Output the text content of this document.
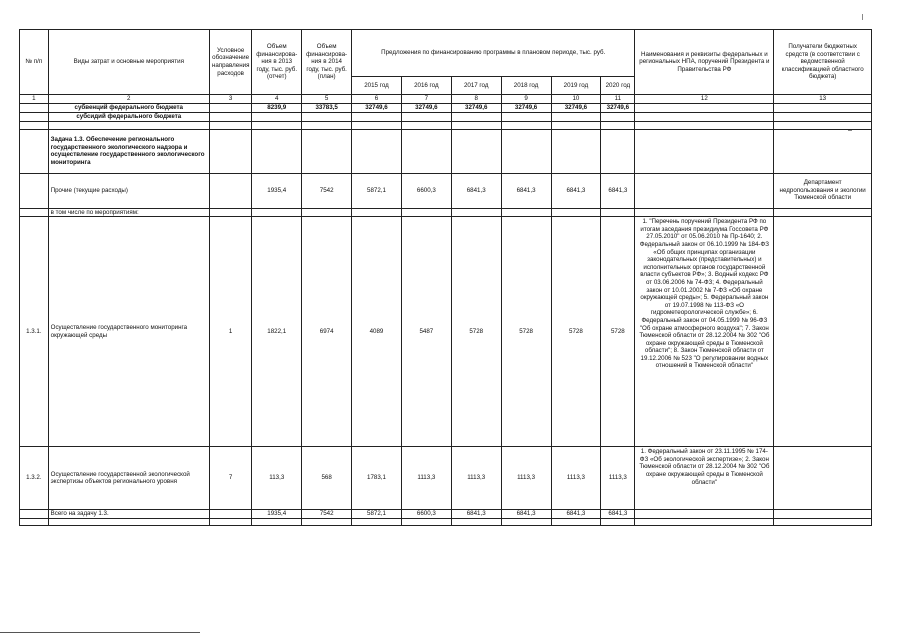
№ п/п	Виды затрат и основные мероприятия	Условное обозначение направления расходов	Объем финансирова-ния в 2013 году, тыс. руб. (отчет)	Объем финансирова-ния в 2014 году, тыс. руб. (план)	Предложения по финансированию программы в плановом периоде, тыс. руб.						Наименования и реквизиты федеральных и региональных НПА, поручений Президента и Правительства РФ	Получатели бюджетных средств (в соответствии с ведомственной классификацией областного бюджета)
					2015 год	2016 год	2017 год	2018 год	2019 год	2020 год		
1	2	3	4	5	6	7	8	9	10	11	12	13
	субвенций федерального бюджета		8239,9	33783,5	32749,6	32749,6	32749,6	32749,6	32749,6	32749,6		
	субсидий федерального бюджета											

	Задача 1.3. Обеспечение регионального государственного экологического надзора и осуществление государственного экологического мониторинга											
	Прочие (текущие расходы)		1935,4	7542	5872,1	6600,3	6841,3	6841,3	6841,3	6841,3		Департамент недропользования и экологии Тюменской области
	в том числе по мероприятиям:											
1.3.1.	Осуществление государственного мониторинга окружающей среды	1	1822,1	6974	4089	5487	5728	5728	5728	5728	1. "Перечень поручений Президента РФ по итогам заседания президиума Госсовета РФ 27.05.2010" от 05.06.2010 № Пр-1640; 2. Федеральный закон от 06.10.1999 № 184-ФЗ «Об общих принципах организации законодательных (представительных) и исполнительных органов государственной власти субъектов РФ»; 3. Водный кодекс РФ от 03.06.2006 № 74-ФЗ; 4. Федеральный закон от 10.01.2002 № 7-ФЗ «Об охране окружающей среды»; 5. Федеральный закон от 19.07.1998 № 113-ФЗ «О гидрометеорологической службе»; 6. Федеральный закон от 04.05.1999 № 96-ФЗ "Об охране атмосферного воздуха"; 7. Закон Тюменской области от 28.12.2004 № 302 "Об охране окружающей среды в Тюменской области"; 8. Закон Тюменской области от 19.12.2006 № 523 "О регулировании водных отношений в Тюменской области"	
1.3.2.	Осуществление государственной экологической экспертизы объектов регионального уровня	7	113,3	568	1783,1	1113,3	1113,3	1113,3	1113,3	1113,3	1. Федеральный закон от 23.11.1995 № 174-ФЗ «Об экологической экспертизе»; 2. Закон Тюменской области от 28.12.2004 № 302 "Об охране окружающей среды в Тюменской области"	
	Всего на задачу 1.3.		1935,4	7542	5872,1	6600,3	6841,3	6841,3	6841,3	6841,3		
